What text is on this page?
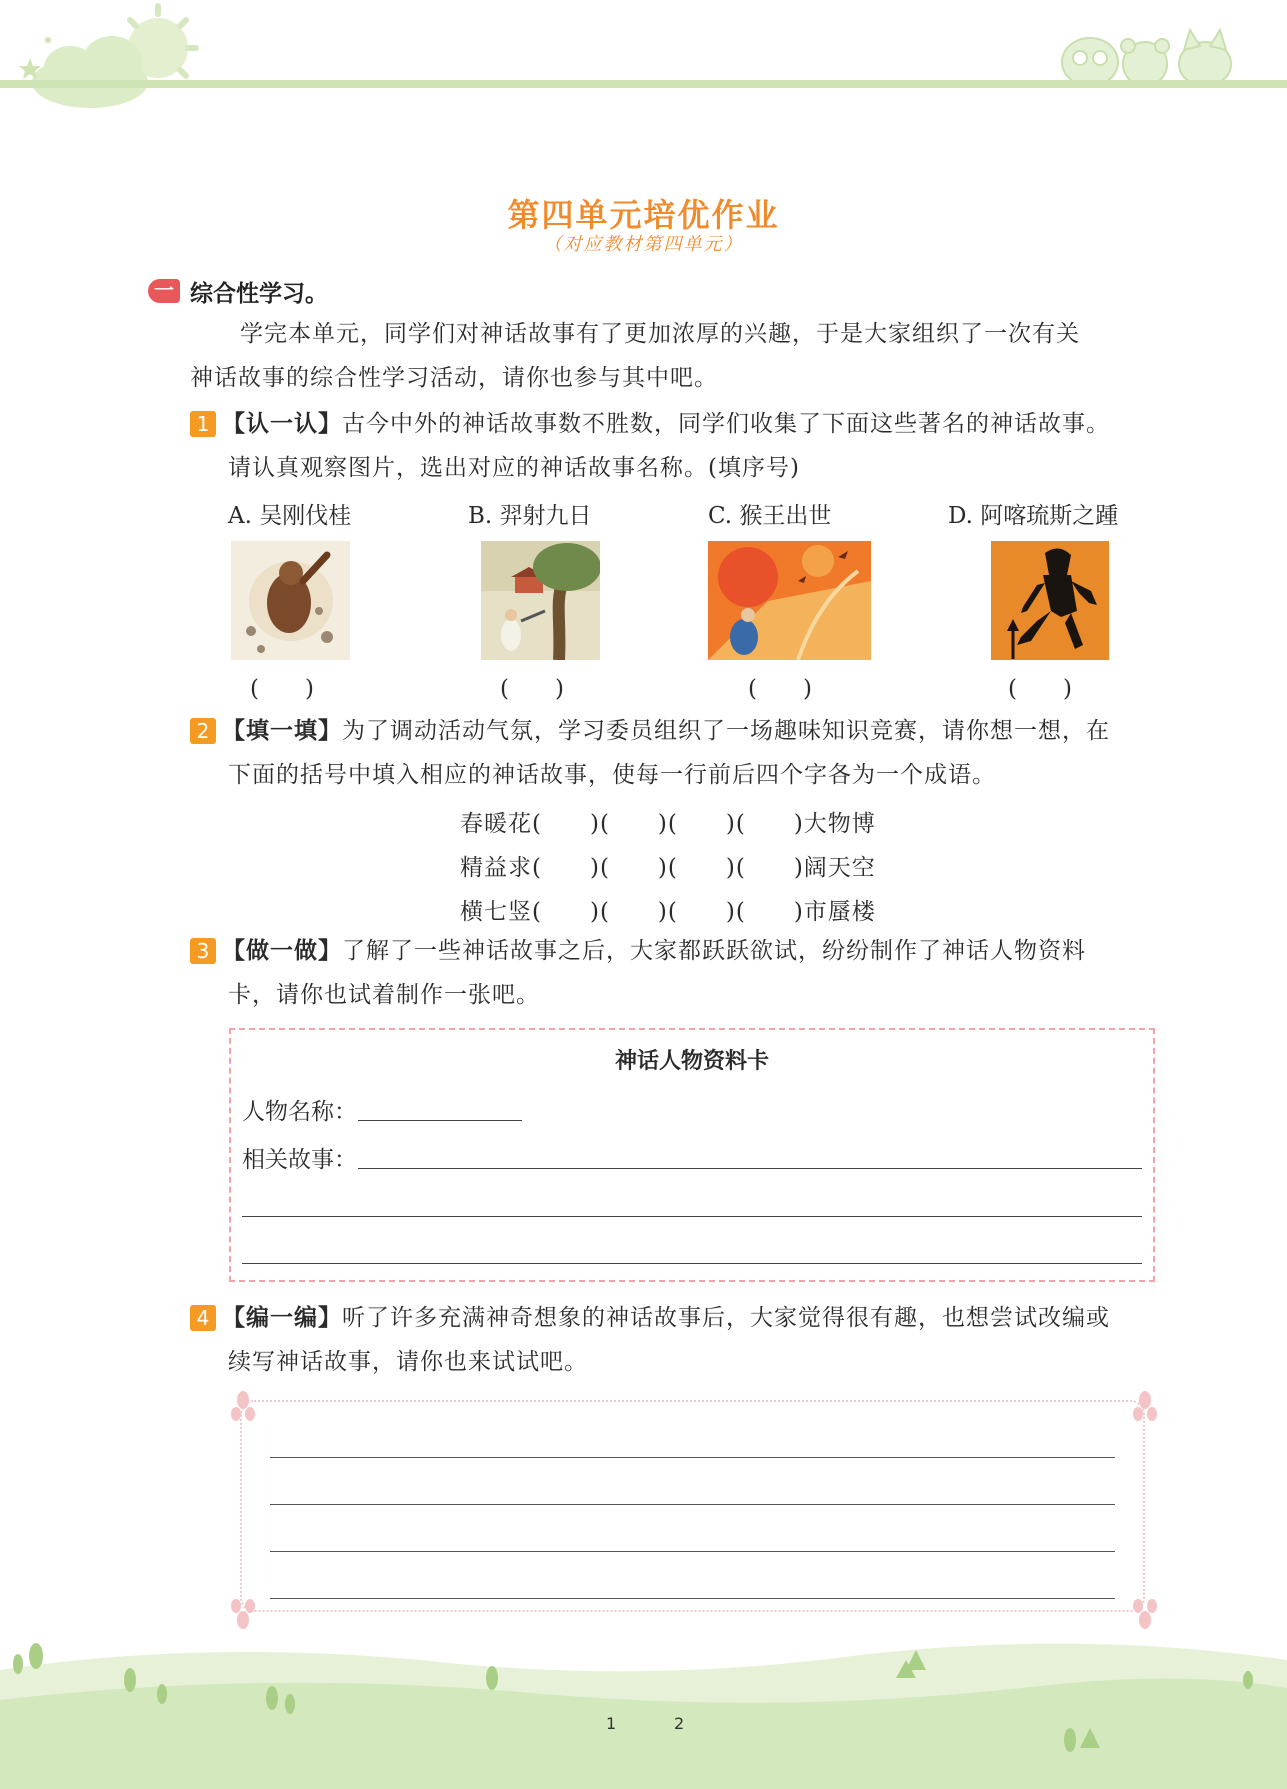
第四单元培优作业
（对应教材第四单元）
一 综合性学习。
学完本单元，同学们对神话故事有了更加浓厚的兴趣，于是大家组织了一次有关
神话故事的综合性学习活动，请你也参与其中吧。
1 【认一认】古今中外的神话故事数不胜数，同学们收集了下面这些著名的神话故事。
请认真观察图片，选出对应的神话故事名称。(填序号)
A. 吴刚伐桂	B. 羿射九日	C. 猴王出世	D. 阿喀琉斯之踵
(　　)	(　　)	(　　)	(　　)
2 【填一填】为了调动活动气氛，学习委员组织了一场趣味知识竞赛，请你想一想，在
下面的括号中填入相应的神话故事，使每一行前后四个字各为一个成语。
春暖花(　　)(　　)(　　)(　　)大物博
精益求(　　)(　　)(　　)(　　)阔天空
横七竖(　　)(　　)(　　)(　　)市蜃楼
3 【做一做】了解了一些神话故事之后，大家都跃跃欲试，纷纷制作了神话人物资料
卡，请你也试着制作一张吧。
神话人物资料卡
人物名称：
相关故事：
4 【编一编】听了许多充满神奇想象的神话故事后，大家觉得很有趣，也想尝试改编或
续写神话故事，请你也来试试吧。
1	2
